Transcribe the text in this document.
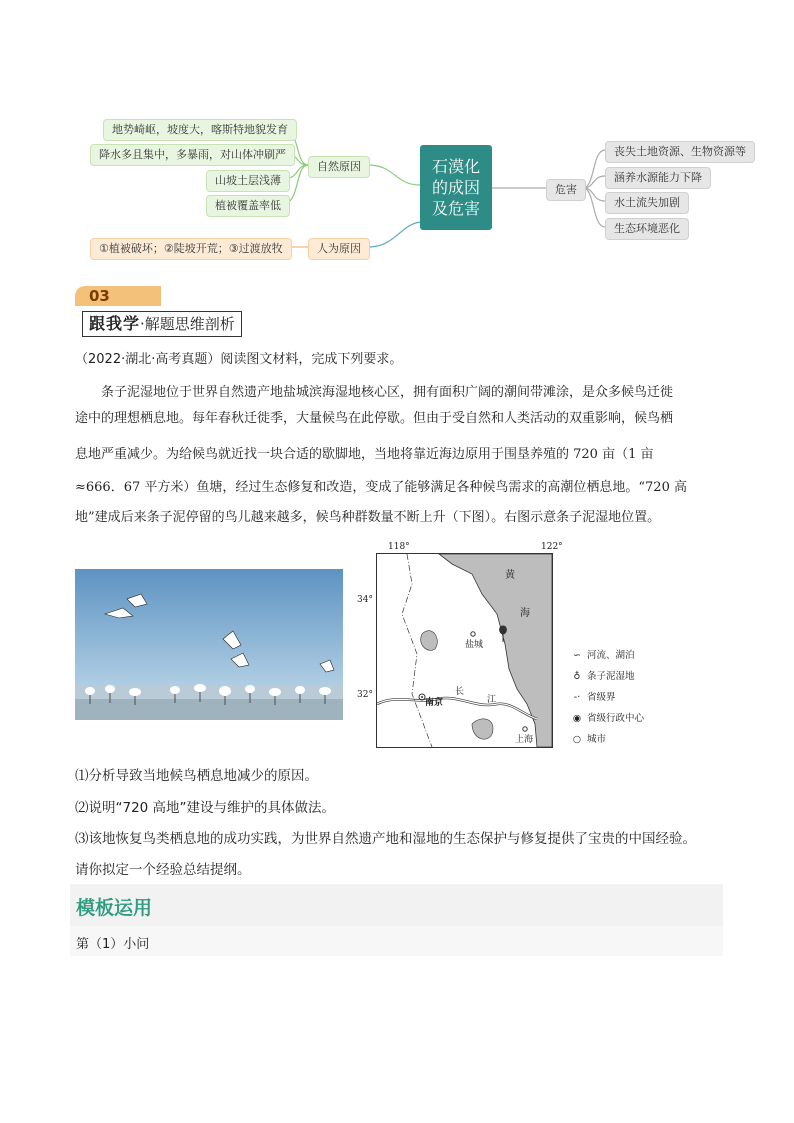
地势崎岖，坡度大，喀斯特地貌发育
降水多且集中，多暴雨，对山体冲刷严
山坡土层浅薄
植被覆盖率低
自然原因
①植被破坏；②陡坡开荒；③过渡放牧	人为原因
石漠化
的成因
及危害
危害
丧失土地资源、生物资源等
涵养水源能力下降
水土流失加剧
生态环境恶化
03
跟我学·解题思维剖析
（2022·湖北·高考真题）阅读图文材料，完成下列要求。
条子泥湿地位于世界自然遗产地盐城滨海湿地核心区，拥有面积广阔的潮间带滩涂，是众多候鸟迁徙
途中的理想栖息地。每年春秋迁徙季，大量候鸟在此停歇。但由于受自然和人类活动的双重影响，候鸟栖
息地严重减少。为给候鸟就近找一块合适的歇脚地，当地将靠近海边原用于围垦养殖的 720 亩（1 亩
≈666．67 平方米）鱼塘，经过生态修复和改造，变成了能够满足各种候鸟需求的高潮位栖息地。“720 高
地”建成后来条子泥停留的鸟儿越来越多，候鸟种群数量不断上升（下图）。右图示意条子泥湿地位置。
118°	122°
34°
32°
黄
海
盐城
南京
长
江
上海
∽ 河流、湖泊
♁ 条子泥湿地
-· 省级界
◉ 省级行政中心
○ 城市
⑴分析导致当地候鸟栖息地减少的原因。
⑵说明“720 高地”建设与维护的具体做法。
⑶该地恢复鸟类栖息地的成功实践，为世界自然遗产地和湿地的生态保护与修复提供了宝贵的中国经验。
请你拟定一个经验总结提纲。
模板运用
第（1）小问
